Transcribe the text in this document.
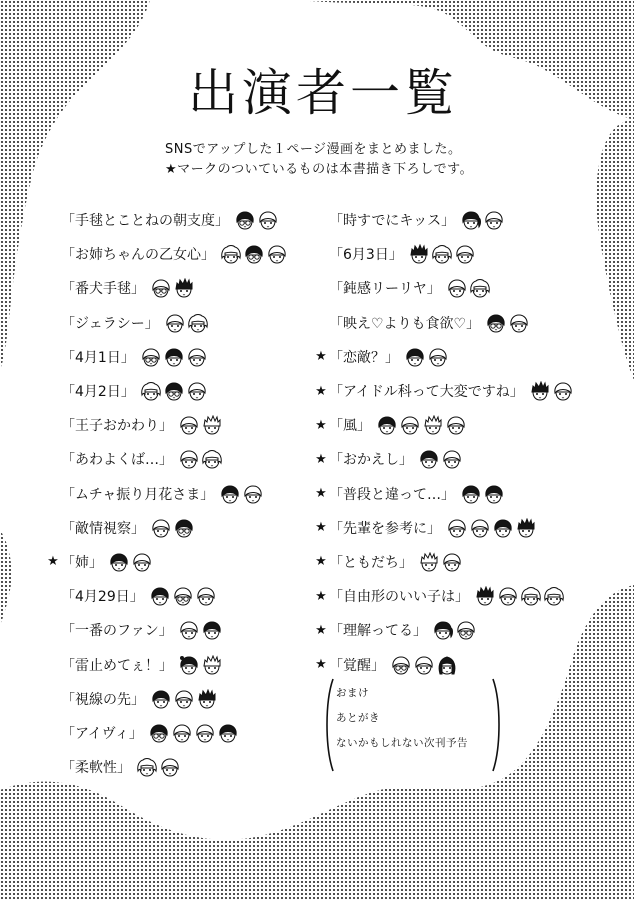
出演者一覧
SNSでアップした１ページ漫画をまとめました。
★マークのついているものは本書描き下ろしです。
「手毬とことねの朝支度」
「お姉ちゃんの乙女心」
「番犬手毬」
「ジェラシー」
「4月1日」
「4月2日」
「王子おかわり」
「あわよくば…」
「ムチャ振り月花さま」
「敵情視察」
★ 「姉」
「4月29日」
「一番のファン」
「雷止めてぇ！」
「視線の先」
「アイヴィ」
「柔軟性」
「時すでにキッス」
「6月3日」
「鈍感リーリヤ」
「映え♡よりも食欲♡」
★ 「恋敵？」
★ 「アイドル科って大変ですね」
★ 「風」
★ 「おかえし」
★ 「普段と違って…」
★ 「先輩を参考に」
★ 「ともだち」
★ 「自由形のいい子は」
★ 「理解ってる」
★ 「覚醒」
おまけ
あとがき
ないかもしれない次刊予告
